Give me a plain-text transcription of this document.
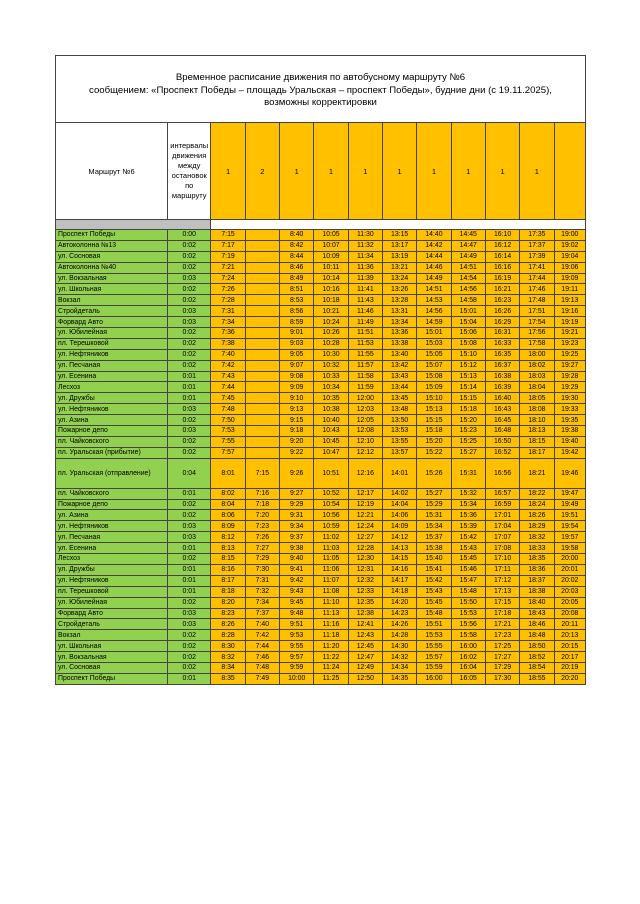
Временное расписание движения по автобусному маршруту №6
сообщением: «Проспект Победы – площадь Уральская – проспект Победы», будние дни (с 19.11.2025),
возможны корректировки												

Маршрут №6	интервалы движения между остановок по маршруту	1	2	1	1	1	1	1	1	1	1	

Проспект Победы	0:00	7:15		8:40	10:05	11:30	13:15	14:40	14:45	16:10	17:35	19:00
Автоколонна №13	0:02	7:17		8:42	10:07	11:32	13:17	14:42	14:47	16:12	17:37	19:02
ул. Сосновая	0:02	7:19		8:44	10:09	11:34	13:19	14:44	14:49	16:14	17:39	19:04
Автоколонна №40	0:02	7:21		8:46	10:11	11:36	13:21	14:46	14:51	16:16	17:41	19:06
ул. Вокзальная	0:03	7:24		8:49	10:14	11:39	13:24	14:49	14:54	16:19	17:44	19:09
ул. Школьная	0:02	7:26		8:51	10:16	11:41	13:26	14:51	14:56	16:21	17:46	19:11
Вокзал	0:02	7:28		8:53	10:18	11:43	13:28	14:53	14:58	16:23	17:48	19:13
Стройдеталь	0:03	7:31		8:56	10:21	11:46	13:31	14:56	15:01	16:26	17:51	19:16
Форвард Авто	0:03	7:34		8:59	10:24	11:49	13:34	14:59	15:04	16:29	17:54	19:19
ул. Юбилейная	0:02	7:36		9:01	10:26	11:51	13:36	15:01	15:06	16:31	17:56	19:21
пл. Терешковой	0:02	7:38		9:03	10:28	11:53	13:38	15:03	15:08	16:33	17:58	19:23
ул. Нефтяников	0:02	7:40		9:05	10:30	11:55	13:40	15:05	15:10	16:35	18:00	19:25
ул. Песчаная	0:02	7:42		9:07	10:32	11:57	13:42	15:07	15:12	16:37	18:02	19:27
ул. Есенина	0:01	7:43		9:08	10:33	11:58	13:43	15:08	15:13	16:38	18:03	19:28
Лесхоз	0:01	7:44		9:09	10:34	11:59	13:44	15:09	15:14	16:39	18:04	19:29
ул. Дружбы	0:01	7:45		9:10	10:35	12:00	13:45	15:10	15:15	16:40	18:05	19:30
ул. Нефтяников	0:03	7:48		9:13	10:38	12:03	13:48	15:13	15:18	16:43	18:08	19:33
ул. Азина	0:02	7:50		9:15	10:40	12:05	13:50	15:15	15:20	16:45	18:10	19:35
Пожарное депо	0:03	7:53		9:18	10:43	12:08	13:53	15:18	15:23	16:48	18:13	19:38
пл. Чайковского	0:02	7:55		9:20	10:45	12:10	13:55	15:20	15:25	16:50	18:15	19:40
пл. Уральская (прибытие)	0:02	7:57		9:22	10:47	12:12	13:57	15:22	15:27	16:52	18:17	19:42
пл. Уральская (отправление)	0:04	8:01	7:15	9:26	10:51	12:16	14:01	15:26	15:31	16:56	18:21	19:46
пл. Чайковского	0:01	8:02	7:16	9:27	10:52	12:17	14:02	15:27	15:32	16:57	18:22	19:47
Пожарное депо	0:02	8:04	7:18	9:29	10:54	12:19	14:04	15:29	15:34	16:59	18:24	19:49
ул. Азина	0:02	8:06	7:20	9:31	10:56	12:21	14:06	15:31	15:36	17:01	18:26	19:51
ул. Нефтяников	0:03	8:09	7:23	9:34	10:59	12:24	14:09	15:34	15:39	17:04	18:29	19:54
ул. Песчаная	0:03	8:12	7:26	9:37	11:02	12:27	14:12	15:37	15:42	17:07	18:32	19:57
ул. Есенина	0:01	8:13	7:27	9:38	11:03	12:28	14:13	15:38	15:43	17:08	18:33	19:58
Лесхоз	0:02	8:15	7:29	9:40	11:05	12:30	14:15	15:40	15:45	17:10	18:35	20:00
ул. Дружбы	0:01	8:16	7:30	9:41	11:06	12:31	14:16	15:41	15:46	17:11	18:36	20:01
ул. Нефтяников	0:01	8:17	7:31	9:42	11:07	12:32	14:17	15:42	15:47	17:12	18:37	20:02
пл. Терешковой	0:01	8:18	7:32	9:43	11:08	12:33	14:18	15:43	15:48	17:13	18:38	20:03
ул. Юбилейная	0:02	8:20	7:34	9:45	11:10	12:35	14:20	15:45	15:50	17:15	18:40	20:05
Форвард Авто	0:03	8:23	7:37	9:48	11:13	12:38	14:23	15:48	15:53	17:18	18:43	20:08
Стройдеталь	0:03	8:26	7:40	9:51	11:16	12:41	14:26	15:51	15:56	17:21	18:46	20:11
Вокзал	0:02	8:28	7:42	9:53	11:18	12:43	14:28	15:53	15:58	17:23	18:48	20:13
ул. Школьная	0:02	8:30	7:44	9:55	11:20	12:45	14:30	15:55	16:00	17:25	18:50	20:15
ул. Вокзальная	0:02	8:32	7:46	9:57	11:22	12:47	14:32	15:57	16:02	17:27	18:52	20:17
ул. Сосновая	0:02	8:34	7:48	9:59	11:24	12:49	14:34	15:59	16:04	17:29	18:54	20:19
Проспект Победы	0:01	8:35	7:49	10:00	11:25	12:50	14:35	16:00	16:05	17:30	18:55	20:20
